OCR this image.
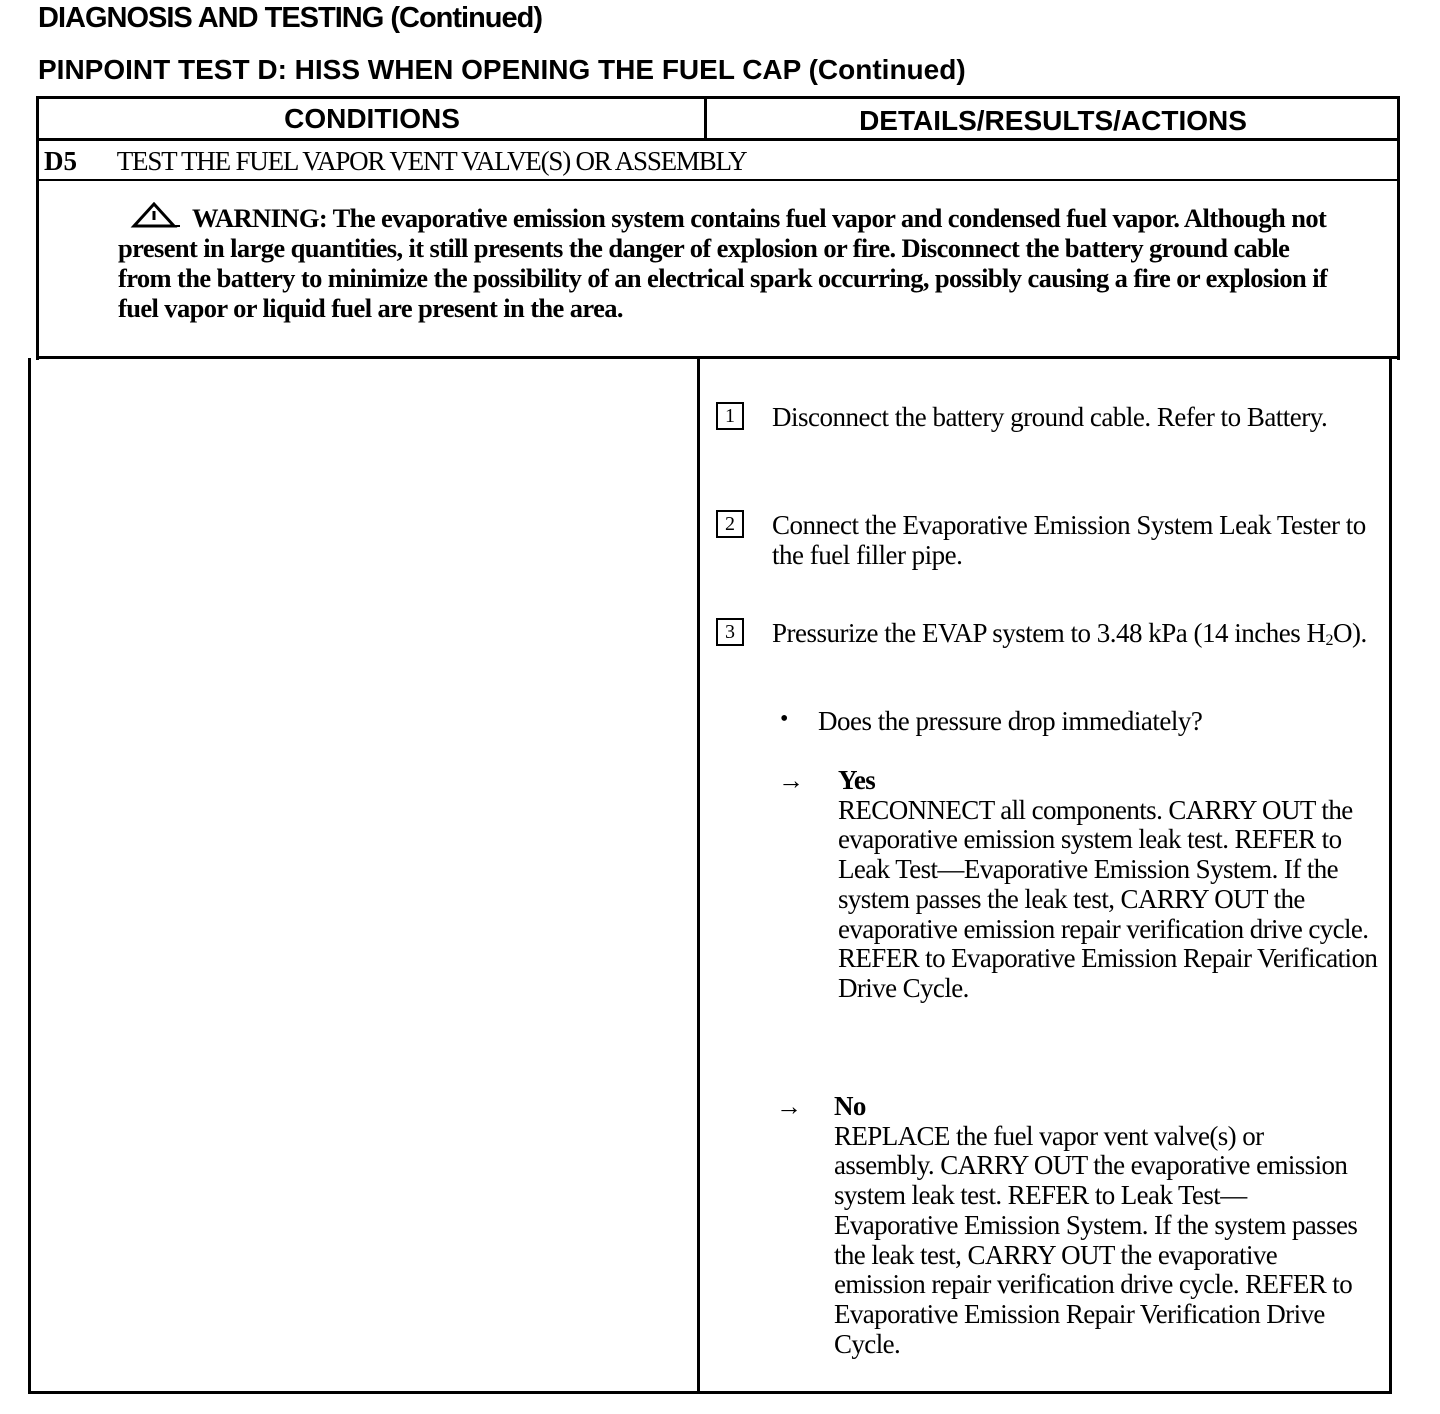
DIAGNOSIS AND TESTING (Continued)
PINPOINT TEST D: HISS WHEN OPENING THE FUEL CAP (Continued)
CONDITIONS	DETAILS/RESULTS/ACTIONS
D5 TEST THE FUEL VAPOR VENT VALVE(S) OR ASSEMBLY
WARNING: The evaporative emission system contains fuel vapor and condensed fuel vapor. Although not present in large quantities, it still presents the danger of explosion or fire. Disconnect the battery ground cable from the battery to minimize the possibility of an electrical spark occurring, possibly causing a fire or explosion if fuel vapor or liquid fuel are present in the area.
1	Disconnect the battery ground cable. Refer to Battery.
2	Connect the Evaporative Emission System Leak Tester to the fuel filler pipe.
3	Pressurize the EVAP system to 3.48 kPa (14 inches $H_2O$).
• Does the pressure drop immediately?
→ Yes
RECONNECT all components. CARRY OUT the evaporative emission system leak test. REFER to Leak Test—Evaporative Emission System. If the system passes the leak test, CARRY OUT the evaporative emission repair verification drive cycle. REFER to Evaporative Emission Repair Verification Drive Cycle.
→ No
REPLACE the fuel vapor vent valve(s) or assembly. CARRY OUT the evaporative emission system leak test. REFER to Leak Test—Evaporative Emission System. If the system passes the leak test, CARRY OUT the evaporative emission repair verification drive cycle. REFER to Evaporative Emission Repair Verification Drive Cycle.
